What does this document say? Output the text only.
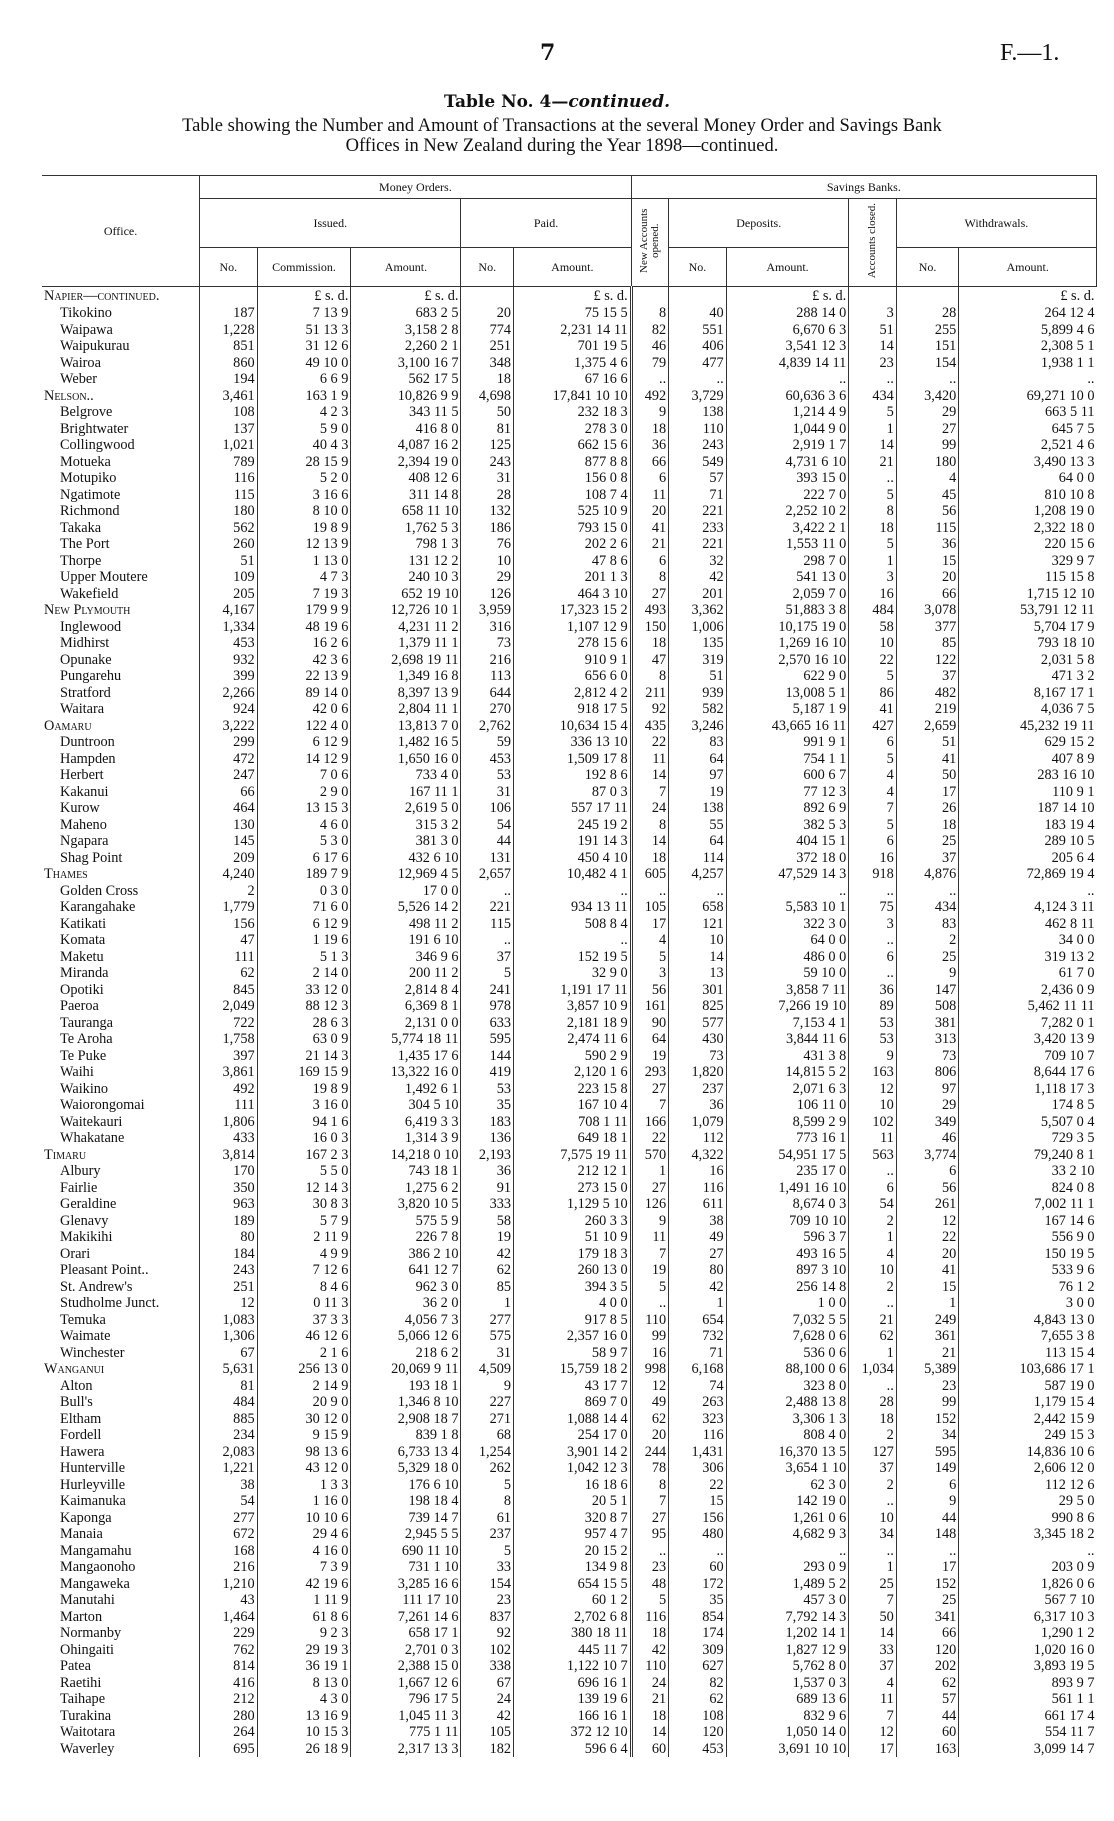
7	F.—1.
Table No. 4—continued.
Table showing the Number and Amount of Transactions at the several Money Order and Savings Bank
Offices in New Zealand during the Year 1898—continued.
Office.	Money Orders.					Savings Banks.					
	Issued.			Paid.		New Accounts opened.	Deposits.		Accounts closed.	Withdrawals.	
	No.	Commission.	Amount.	No.	Amount.		No.	Amount.		No.	Amount.
Napier—continued.		£ s. d.	£ s. d.		£ s. d.			£ s. d.			£ s. d.
Tikokino	187	7 13 9	683 2 5	20	75 15 5	8	40	288 14 0	3	28	264 12 4
Waipawa	1,228	51 13 3	3,158 2 8	774	2,231 14 11	82	551	6,670 6 3	51	255	5,899 4 6
Waipukurau	851	31 12 6	2,260 2 1	251	701 19 5	46	406	3,541 12 3	14	151	2,308 5 1
Wairoa	860	49 10 0	3,100 16 7	348	1,375 4 6	79	477	4,839 14 11	23	154	1,938 1 1
Weber	194	6 6 9	562 17 5	18	67 16 6	..	..	..	..	..	..
Nelson..	3,461	163 1 9	10,826 9 9	4,698	17,841 10 10	492	3,729	60,636 3 6	434	3,420	69,271 10 0
Belgrove	108	4 2 3	343 11 5	50	232 18 3	9	138	1,214 4 9	5	29	663 5 11
Brightwater	137	5 9 0	416 8 0	81	278 3 0	18	110	1,044 9 0	1	27	645 7 5
Collingwood	1,021	40 4 3	4,087 16 2	125	662 15 6	36	243	2,919 1 7	14	99	2,521 4 6
Motueka	789	28 15 9	2,394 19 0	243	877 8 8	66	549	4,731 6 10	21	180	3,490 13 3
Motupiko	116	5 2 0	408 12 6	31	156 0 8	6	57	393 15 0	..	4	64 0 0
Ngatimote	115	3 16 6	311 14 8	28	108 7 4	11	71	222 7 0	5	45	810 10 8
Richmond	180	8 10 0	658 11 10	132	525 10 9	20	221	2,252 10 2	8	56	1,208 19 0
Takaka	562	19 8 9	1,762 5 3	186	793 15 0	41	233	3,422 2 1	18	115	2,322 18 0
The Port	260	12 13 9	798 1 3	76	202 2 6	21	221	1,553 11 0	5	36	220 15 6
Thorpe	51	1 13 0	131 12 2	10	47 8 6	6	32	298 7 0	1	15	329 9 7
Upper Moutere	109	4 7 3	240 10 3	29	201 1 3	8	42	541 13 0	3	20	115 15 8
Wakefield	205	7 19 3	652 19 10	126	464 3 10	27	201	2,059 7 0	16	66	1,715 12 10
New Plymouth	4,167	179 9 9	12,726 10 1	3,959	17,323 15 2	493	3,362	51,883 3 8	484	3,078	53,791 12 11
Inglewood	1,334	48 19 6	4,231 11 2	316	1,107 12 9	150	1,006	10,175 19 0	58	377	5,704 17 9
Midhirst	453	16 2 6	1,379 11 1	73	278 15 6	18	135	1,269 16 10	10	85	793 18 10
Opunake	932	42 3 6	2,698 19 11	216	910 9 1	47	319	2,570 16 10	22	122	2,031 5 8
Pungarehu	399	22 13 9	1,349 16 8	113	656 6 0	8	51	622 9 0	5	37	471 3 2
Stratford	2,266	89 14 0	8,397 13 9	644	2,812 4 2	211	939	13,008 5 1	86	482	8,167 17 1
Waitara	924	42 0 6	2,804 11 1	270	918 17 5	92	582	5,187 1 9	41	219	4,036 7 5
Oamaru	3,222	122 4 0	13,813 7 0	2,762	10,634 15 4	435	3,246	43,665 16 11	427	2,659	45,232 19 11
Duntroon	299	6 12 9	1,482 16 5	59	336 13 10	22	83	991 9 1	6	51	629 15 2
Hampden	472	14 12 9	1,650 16 0	453	1,509 17 8	11	64	754 1 1	5	41	407 8 9
Herbert	247	7 0 6	733 4 0	53	192 8 6	14	97	600 6 7	4	50	283 16 10
Kakanui	66	2 9 0	167 11 1	31	87 0 3	7	19	77 12 3	4	17	110 9 1
Kurow	464	13 15 3	2,619 5 0	106	557 17 11	24	138	892 6 9	7	26	187 14 10
Maheno	130	4 6 0	315 3 2	54	245 19 2	8	55	382 5 3	5	18	183 19 4
Ngapara	145	5 3 0	381 3 0	44	191 14 3	14	64	404 15 1	6	25	289 10 5
Shag Point	209	6 17 6	432 6 10	131	450 4 10	18	114	372 18 0	16	37	205 6 4
Thames	4,240	189 7 9	12,969 4 5	2,657	10,482 4 1	605	4,257	47,529 14 3	918	4,876	72,869 19 4
Golden Cross	2	0 3 0	17 0 0	..	..	..	..	..	..	..	..
Karangahake	1,779	71 6 0	5,526 14 2	221	934 13 11	105	658	5,583 10 1	75	434	4,124 3 11
Katikati	156	6 12 9	498 11 2	115	508 8 4	17	121	322 3 0	3	83	462 8 11
Komata	47	1 19 6	191 6 10	..	..	4	10	64 0 0	..	2	34 0 0
Maketu	111	5 1 3	346 9 6	37	152 19 5	5	14	486 0 0	6	25	319 13 2
Miranda	62	2 14 0	200 11 2	5	32 9 0	3	13	59 10 0	..	9	61 7 0
Opotiki	845	33 12 0	2,814 8 4	241	1,191 17 11	56	301	3,858 7 11	36	147	2,436 0 9
Paeroa	2,049	88 12 3	6,369 8 1	978	3,857 10 9	161	825	7,266 19 10	89	508	5,462 11 11
Tauranga	722	28 6 3	2,131 0 0	633	2,181 18 9	90	577	7,153 4 1	53	381	7,282 0 1
Te Aroha	1,758	63 0 9	5,774 18 11	595	2,474 11 6	64	430	3,844 11 6	53	313	3,420 13 9
Te Puke	397	21 14 3	1,435 17 6	144	590 2 9	19	73	431 3 8	9	73	709 10 7
Waihi	3,861	169 15 9	13,322 16 0	419	2,120 1 6	293	1,820	14,815 5 2	163	806	8,644 17 6
Waikino	492	19 8 9	1,492 6 1	53	223 15 8	27	237	2,071 6 3	12	97	1,118 17 3
Waiorongomai	111	3 16 0	304 5 10	35	167 10 4	7	36	106 11 0	10	29	174 8 5
Waitekauri	1,806	94 1 6	6,419 3 3	183	708 1 11	166	1,079	8,599 2 9	102	349	5,507 0 4
Whakatane	433	16 0 3	1,314 3 9	136	649 18 1	22	112	773 16 1	11	46	729 3 5
Timaru	3,814	167 2 3	14,218 0 10	2,193	7,575 19 11	570	4,322	54,951 17 5	563	3,774	79,240 8 1
Albury	170	5 5 0	743 18 1	36	212 12 1	1	16	235 17 0	..	6	33 2 10
Fairlie	350	12 14 3	1,275 6 2	91	273 15 0	27	116	1,491 16 10	6	56	824 0 8
Geraldine	963	30 8 3	3,820 10 5	333	1,129 5 10	126	611	8,674 0 3	54	261	7,002 11 1
Glenavy	189	5 7 9	575 5 9	58	260 3 3	9	38	709 10 10	2	12	167 14 6
Makikihi	80	2 11 9	226 7 8	19	51 10 9	11	49	596 3 7	1	22	556 9 0
Orari	184	4 9 9	386 2 10	42	179 18 3	7	27	493 16 5	4	20	150 19 5
Pleasant Point..	243	7 12 6	641 12 7	62	260 13 0	19	80	897 3 10	10	41	533 9 6
St. Andrew's	251	8 4 6	962 3 0	85	394 3 5	5	42	256 14 8	2	15	76 1 2
Studholme Junct.	12	0 11 3	36 2 0	1	4 0 0	..	1	1 0 0	..	1	3 0 0
Temuka	1,083	37 3 3	4,056 7 3	277	917 8 5	110	654	7,032 5 5	21	249	4,843 13 0
Waimate	1,306	46 12 6	5,066 12 6	575	2,357 16 0	99	732	7,628 0 6	62	361	7,655 3 8
Winchester	67	2 1 6	218 6 2	31	58 9 7	16	71	536 0 6	1	21	113 15 4
Wanganui	5,631	256 13 0	20,069 9 11	4,509	15,759 18 2	998	6,168	88,100 0 6	1,034	5,389	103,686 17 1
Alton	81	2 14 9	193 18 1	9	43 17 7	12	74	323 8 0	..	23	587 19 0
Bull's	484	20 9 0	1,346 8 10	227	869 7 0	49	263	2,488 13 8	28	99	1,179 15 4
Eltham	885	30 12 0	2,908 18 7	271	1,088 14 4	62	323	3,306 1 3	18	152	2,442 15 9
Fordell	234	9 15 9	839 1 8	68	254 17 0	20	116	808 4 0	2	34	249 15 3
Hawera	2,083	98 13 6	6,733 13 4	1,254	3,901 14 2	244	1,431	16,370 13 5	127	595	14,836 10 6
Hunterville	1,221	43 12 0	5,329 18 0	262	1,042 12 3	78	306	3,654 1 10	37	149	2,606 12 0
Hurleyville	38	1 3 3	176 6 10	5	16 18 6	8	22	62 3 0	2	6	112 12 6
Kaimanuka	54	1 16 0	198 18 4	8	20 5 1	7	15	142 19 0	..	9	29 5 0
Kaponga	277	10 10 6	739 14 7	61	320 8 7	27	156	1,261 0 6	10	44	990 8 6
Manaia	672	29 4 6	2,945 5 5	237	957 4 7	95	480	4,682 9 3	34	148	3,345 18 2
Mangamahu	168	4 16 0	690 11 10	5	20 15 2	..	..	..	..	..	..
Mangaonoho	216	7 3 9	731 1 10	33	134 9 8	23	60	293 0 9	1	17	203 0 9
Mangaweka	1,210	42 19 6	3,285 16 6	154	654 15 5	48	172	1,489 5 2	25	152	1,826 0 6
Manutahi	43	1 11 9	111 17 10	23	60 1 2	5	35	457 3 0	7	25	567 7 10
Marton	1,464	61 8 6	7,261 14 6	837	2,702 6 8	116	854	7,792 14 3	50	341	6,317 10 3
Normanby	229	9 2 3	658 17 1	92	380 18 11	18	174	1,202 14 1	14	66	1,290 1 2
Ohingaiti	762	29 19 3	2,701 0 3	102	445 11 7	42	309	1,827 12 9	33	120	1,020 16 0
Patea	814	36 19 1	2,388 15 0	338	1,122 10 7	110	627	5,762 8 0	37	202	3,893 19 5
Raetihi	416	8 13 0	1,667 12 6	67	696 16 1	24	82	1,537 0 3	4	62	893 9 7
Taihape	212	4 3 0	796 17 5	24	139 19 6	21	62	689 13 6	11	57	561 1 1
Turakina	280	13 16 9	1,045 11 3	42	166 16 1	18	108	832 9 6	7	44	661 17 4
Waitotara	264	10 15 3	775 1 11	105	372 12 10	14	120	1,050 14 0	12	60	554 11 7
Waverley	695	26 18 9	2,317 13 3	182	596 6 4	60	453	3,691 10 10	17	163	3,099 14 7
